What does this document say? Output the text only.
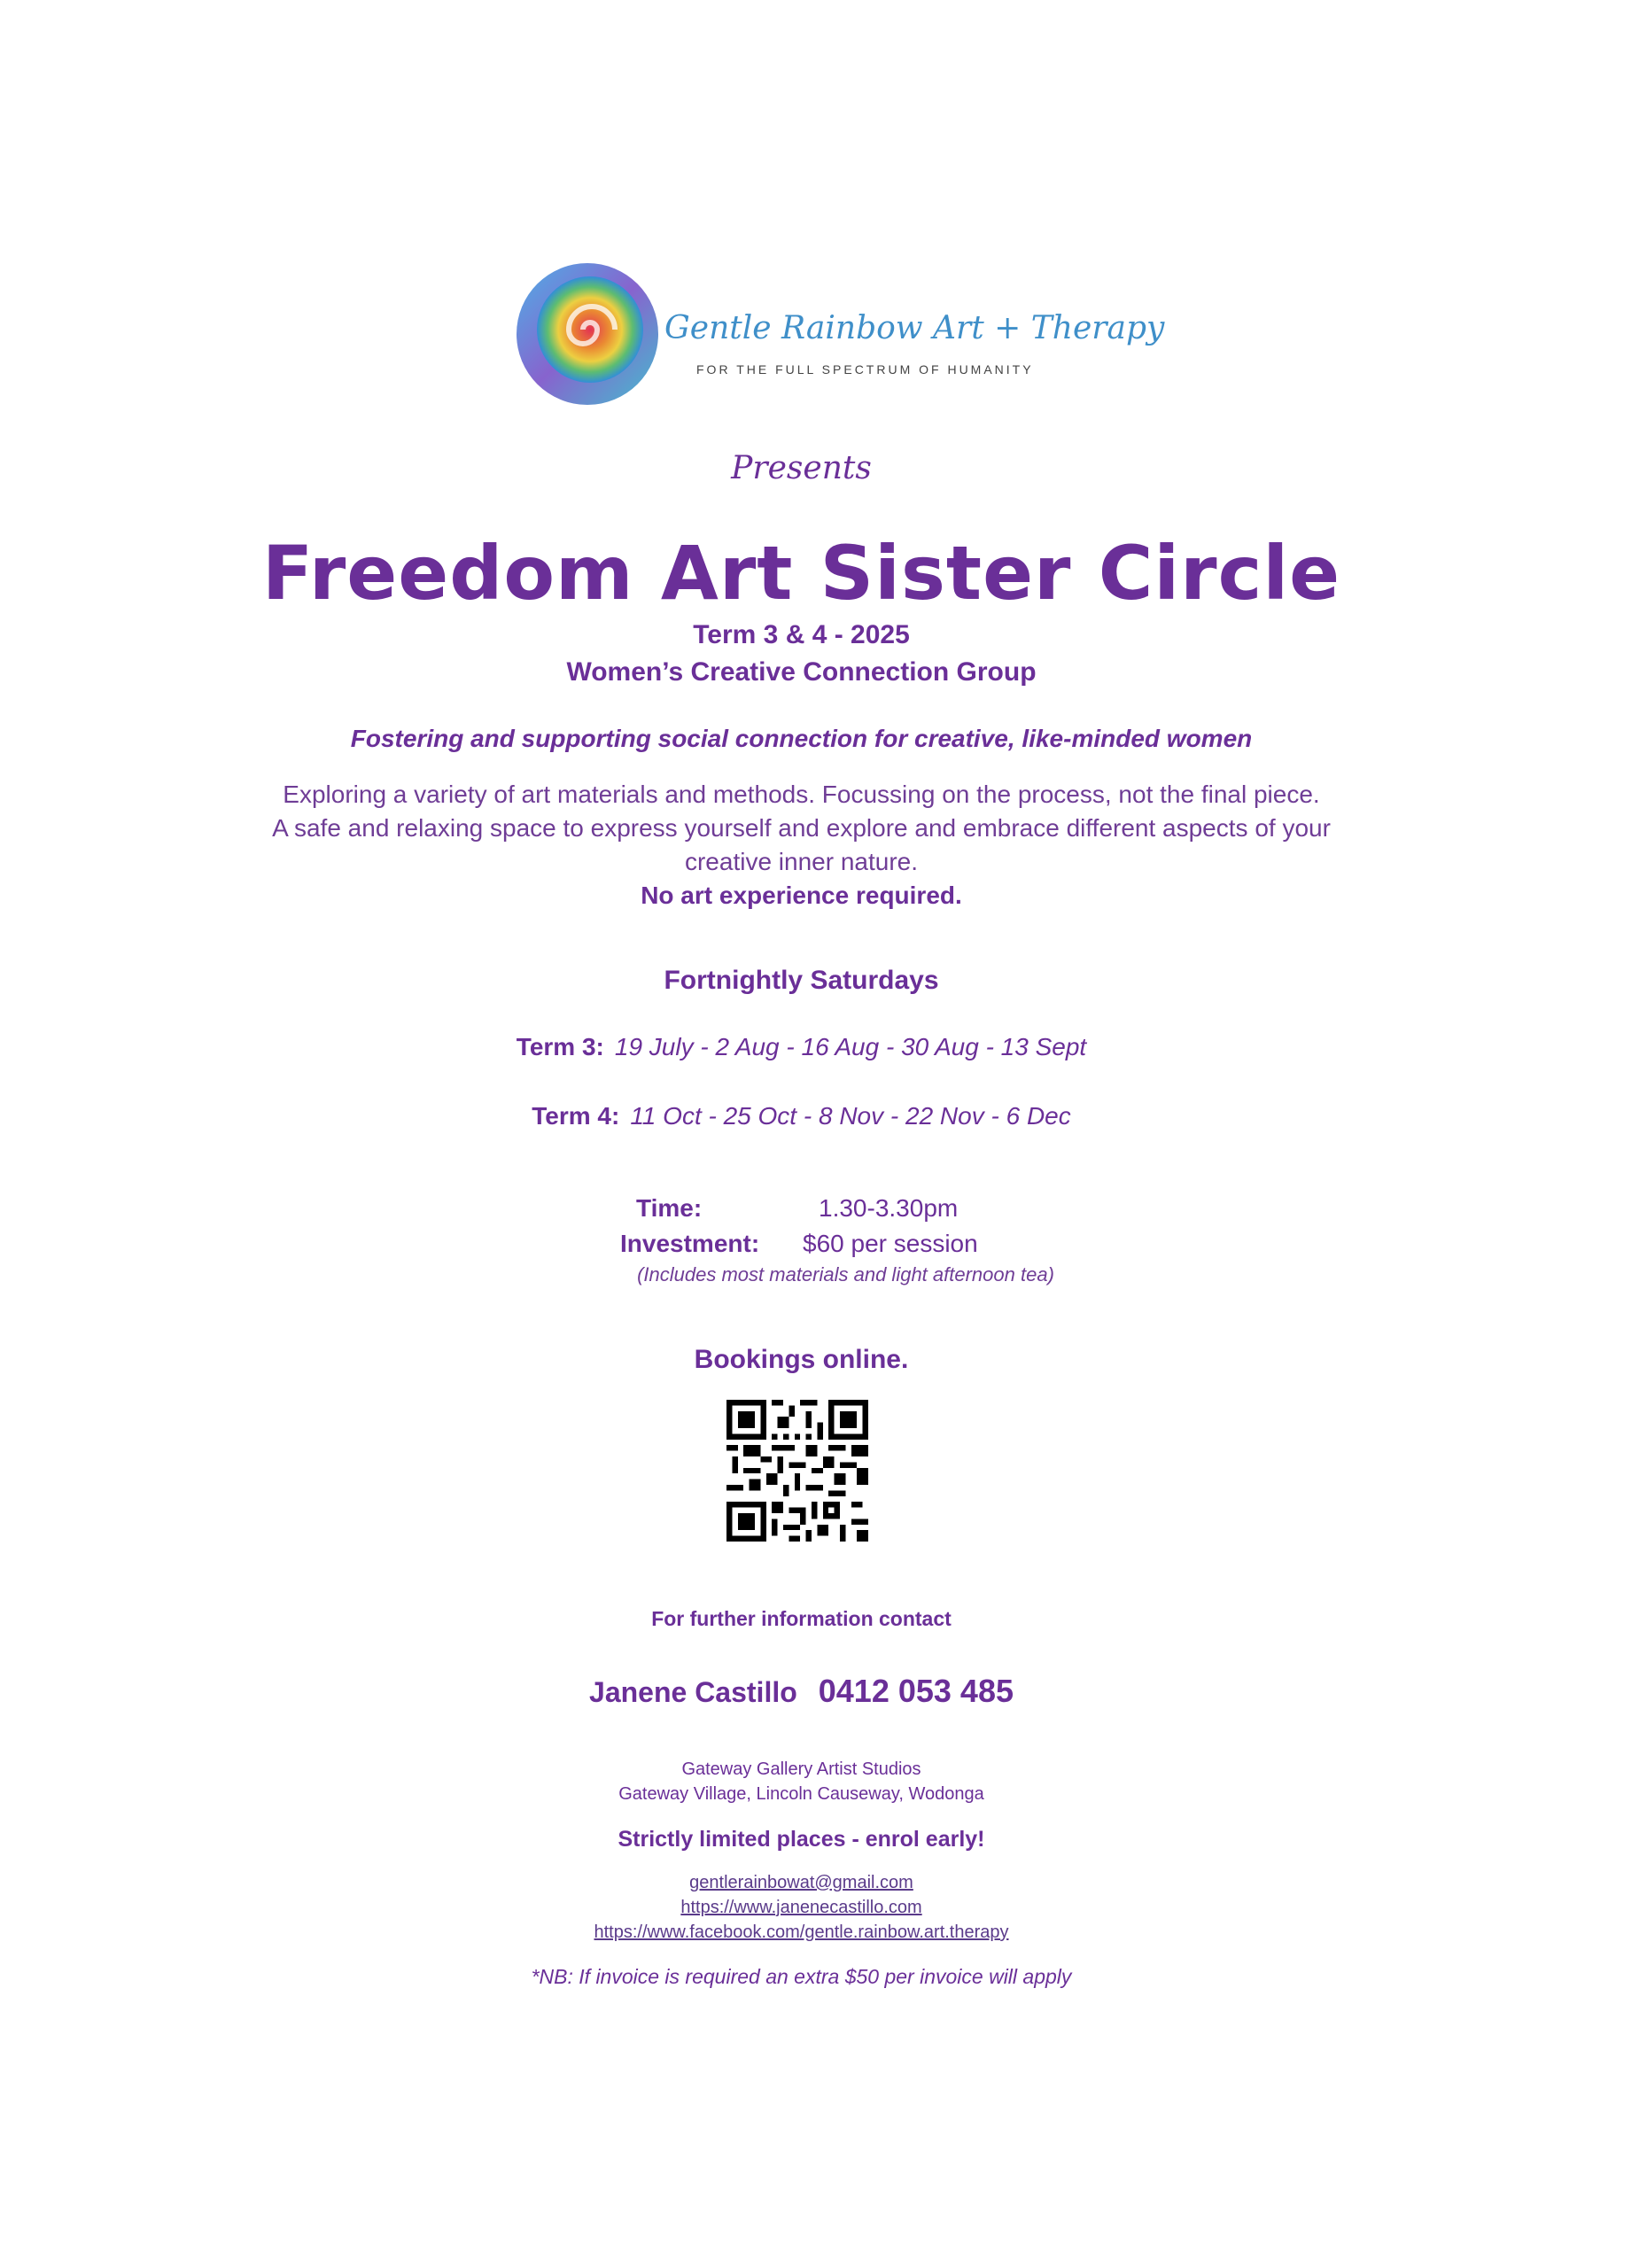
Gentle Rainbow Art + Therapy
FOR THE FULL SPECTRUM OF HUMANITY
Presents
Freedom Art Sister Circle
Term 3 & 4 - 2025
Women’s Creative Connection Group
Fostering and supporting social connection for creative, like-minded women
Exploring a variety of art materials and methods. Focussing on the process, not the final piece.
A safe and relaxing space to express yourself and explore and embrace different aspects of your
creative inner nature.
No art experience required.
Fortnightly Saturdays
Term 3: 19 July - 2 Aug - 16 Aug - 30 Aug - 13 Sept
Term 4: 11 Oct - 25 Oct - 8 Nov - 22 Nov - 6 Dec
Time:	1.30-3.30pm
Investment: $60 per session
(Includes most materials and light afternoon tea)
Bookings online.
For further information contact
Janene Castillo 0412 053 485
Gateway Gallery Artist Studios
Gateway Village, Lincoln Causeway, Wodonga
Strictly limited places - enrol early!
gentlerainbowat@gmail.com
https://www.janenecastillo.com
https://www.facebook.com/gentle.rainbow.art.therapy
*NB: If invoice is required an extra $50 per invoice will apply
